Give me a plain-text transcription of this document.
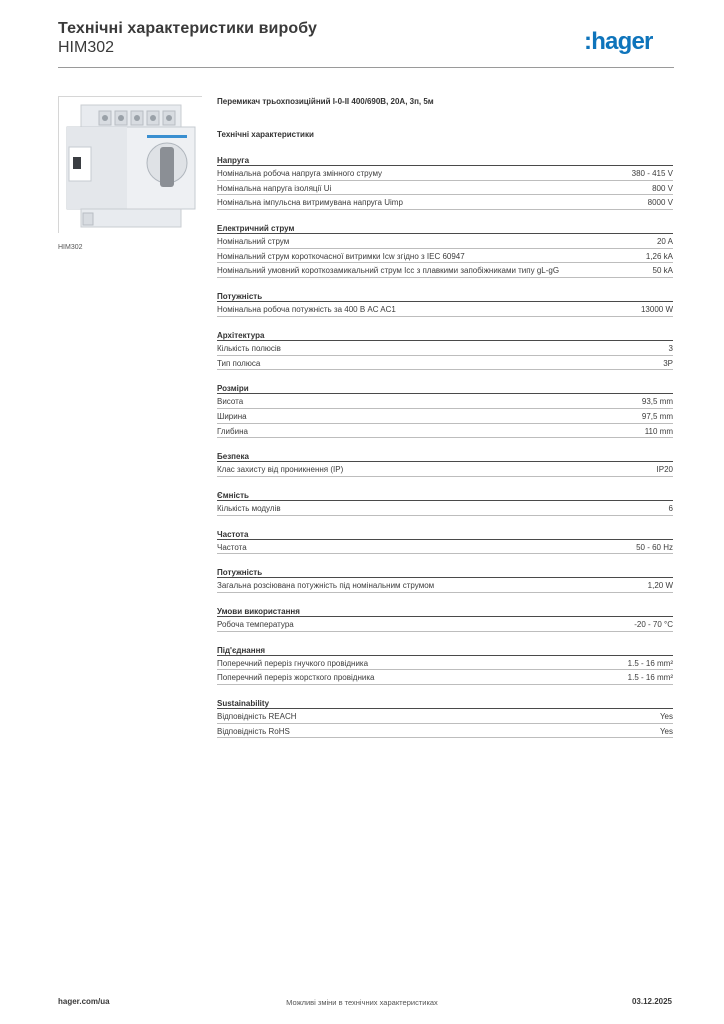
Технічні характеристики виробу
HIM302	:hager
HIM302
Перемикач трьохпозиційний I-0-II 400/690В, 20А, 3п, 5м
Технічні характеристики
Напруга
Номінальна робоча напруга змінного струму	380 - 415 V
Номінальна напруга ізоляції Ui	800 V
Номінальна імпульсна витримувана напруга Uimp	8000 V
Електричний струм
Номінальний струм	20 A
Номінальний струм короткочасної витримки Icw згідно з IEC 60947	1,26 kA
Номінальний умовний короткозамикальний струм Icc з плавкими запобіжниками типу gL-gG	50 kA
Потужність
Номінальна робоча потужність за 400 В AC AC1	13000 W
Архітектура
Кількість полюсів	3
Тип полюса	3P
Розміри
Висота	93,5 mm
Ширина	97,5 mm
Глибина	110 mm
Безпека
Клас захисту від проникнення (IP)	IP20
Ємність
Кількість модулів	6
Частота
Частота	50 - 60 Hz
Потужність
Загальна розсіювана потужність під номінальним струмом	1,20 W
Умови використання
Робоча температура	-20 - 70 °C
Під'єднання
Поперечний переріз гнучкого провідника	1.5 - 16 mm²
Поперечний переріз жорсткого провідника	1.5 - 16 mm²
Sustainability
Відповідність REACH	Yes
Відповідність RoHS	Yes
hager.com/ua	Можливі зміни в технічних характеристиках	03.12.2025
